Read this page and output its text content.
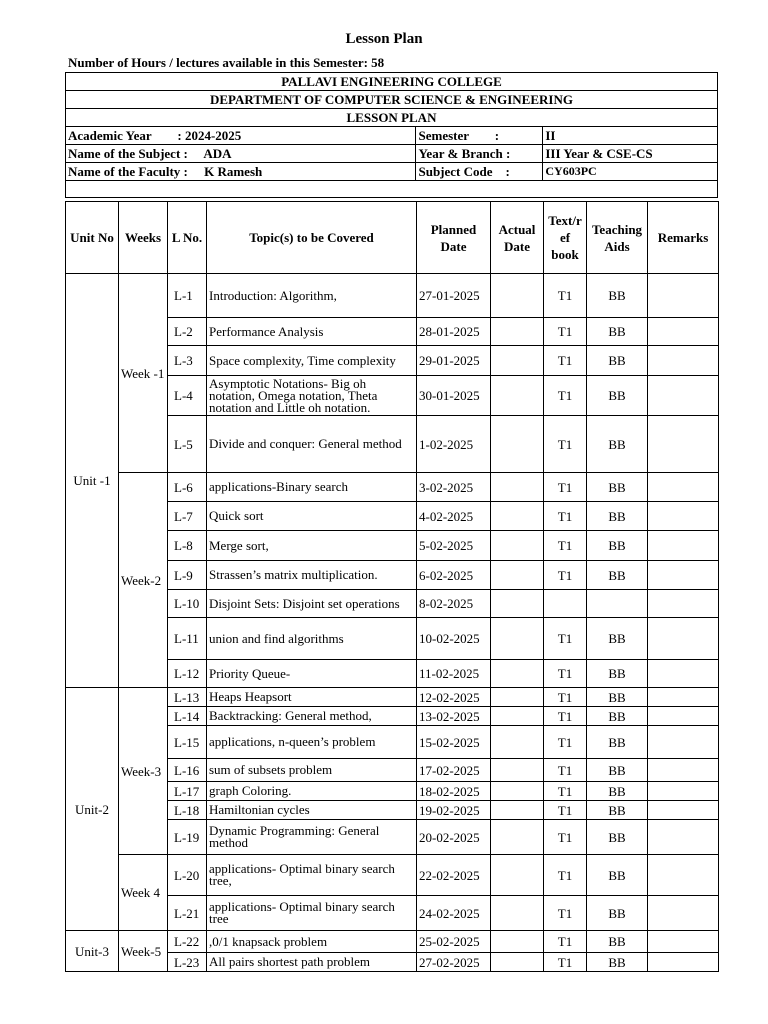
Lesson Plan
Number of Hours / lectures available in this Semester: 58
PALLAVI ENGINEERING COLLEGE		
DEPARTMENT OF COMPUTER SCIENCE & ENGINEERING		
LESSON PLAN		
Academic Year        : 2024-2025	Semester        :	II
Name of the Subject :     ADA	Year & Branch :	III Year & CSE-CS
Name of the Faculty :     K Ramesh	Subject Code    :	CY603PC

Unit No	Weeks	L No.	Topic(s) to be Covered	Planned Date	Actual Date	Text/r ef book	Teaching Aids	Remarks
Unit -1	Week -1	L-1	Introduction: Algorithm,	27-01-2025		T1	BB	
		L-2	Performance Analysis	28-01-2025		T1	BB	
		L-3	Space complexity, Time complexity	29-01-2025		T1	BB	
		L-4	Asymptotic Notations- Big oh notation, Omega notation, Theta notation and Little oh notation.	30-01-2025		T1	BB	
		L-5	Divide and conquer: General method	1-02-2025		T1	BB	
	Week-2	L-6	applications-Binary search	3-02-2025		T1	BB	
		L-7	Quick sort	4-02-2025		T1	BB	
		L-8	Merge sort,	5-02-2025		T1	BB	
		L-9	Strassen’s matrix multiplication.	6-02-2025		T1	BB	
		L-10	Disjoint Sets: Disjoint set operations	8-02-2025				
		L-11	union and find algorithms	10-02-2025		T1	BB	
		L-12	Priority Queue-	11-02-2025		T1	BB	
Unit-2	Week-3	L-13	Heaps Heapsort	12-02-2025		T1	BB	
		L-14	Backtracking: General method,	13-02-2025		T1	BB	
		L-15	applications, n-queen’s problem	15-02-2025		T1	BB	
		L-16	sum of subsets problem	17-02-2025		T1	BB	
		L-17	graph Coloring.	18-02-2025		T1	BB	
		L-18	Hamiltonian cycles	19-02-2025		T1	BB	
		L-19	Dynamic Programming: General method	20-02-2025		T1	BB	
	Week 4	L-20	applications- Optimal binary search tree,	22-02-2025		T1	BB	
		L-21	applications- Optimal binary search tree	24-02-2025		T1	BB	
Unit-3	Week-5	L-22	,0/1 knapsack problem	25-02-2025		T1	BB	
		L-23	All pairs shortest path problem	27-02-2025		T1	BB	
